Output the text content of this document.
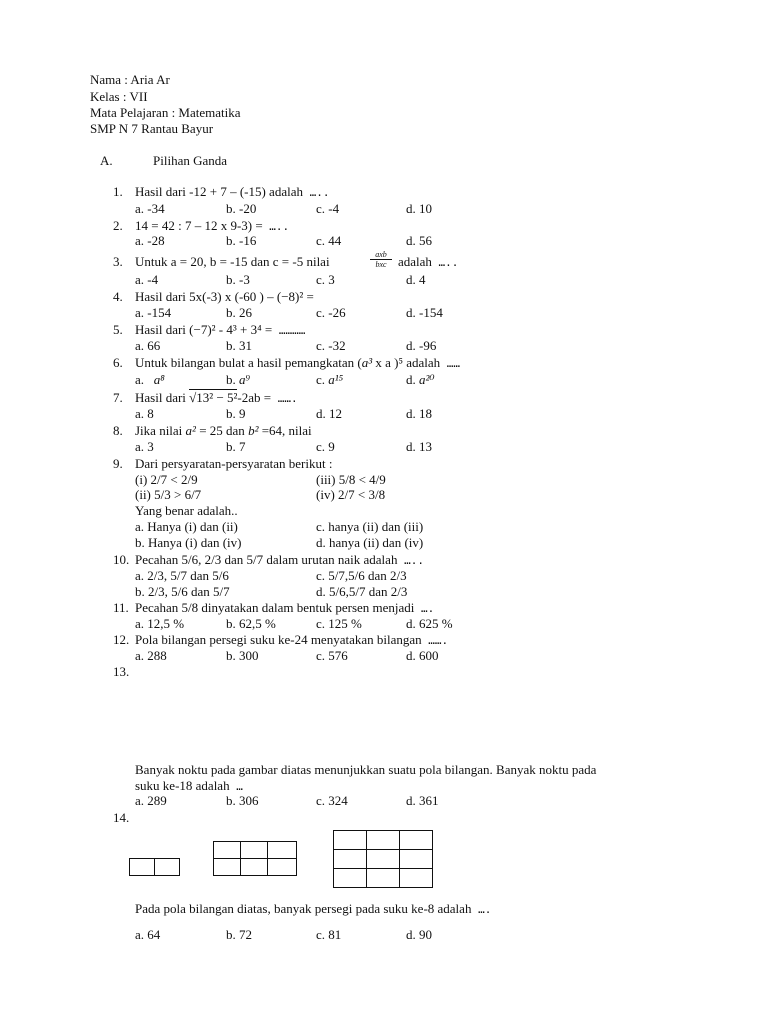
Nama : Aria Ar
Kelas : VII
Mata Pelajaran : Matematika
SMP N 7 Rantau Bayur
A.	Pilihan Ganda
1. Hasil dari -12 + 7 – (-15) adalah …..
a. -34	b. -20	c. -4	d. 10
2. 14 = 42 : 7 – 12 x 9-3) = …..
a. -28	b. -16	c. 44	d. 56
3. Untuk a = 20, b = -15 dan c = -5 nilai	axb
bxc adalah …..
a. -4	b. -3	c. 3	d. 4
4. Hasil dari 5x(-3) x (-60 ) – (−8)² =
a. -154	b. 26	c. -26	d. -154
5. Hasil dari (−7)² - 4³ + 3⁴ = …………
a. 66	b. 31	c. -32	d. -96
6. Untuk bilangan bulat a hasil pemangkatan (a³ x a )⁵ adalah ……
a. a⁸	b. a⁹	c. a¹⁵	d. a²⁰
7. Hasil dari √13² − 5²-2ab = …….
a. 8	b. 9	d. 12	d. 18
8. Jika nilai a² = 25 dan b² =64, nilai
a. 3	b. 7	c. 9	d. 13
9. Dari persyaratan-persyaratan berikut :
(i) 2/7 < 2/9	(iii) 5/8 < 4/9
(ii) 5/3 > 6/7	(iv) 2/7 < 3/8
Yang benar adalah..
a. Hanya (i) dan (ii)	c. hanya (ii) dan (iii)
b. Hanya (i) dan (iv)	d. hanya (ii) dan (iv)
10. Pecahan 5/6, 2/3 dan 5/7 dalam urutan naik adalah …..
a. 2/3, 5/7 dan 5/6	c. 5/7,5/6 dan 2/3
b. 2/3, 5/6 dan 5/7	d. 5/6,5/7 dan 2/3
11. Pecahan 5/8 dinyatakan dalam bentuk persen menjadi ….
a. 12,5 %	b. 62,5 %	c. 125 %	d. 625 %
12. Pola bilangan persegi suku ke-24 menyatakan bilangan …….
a. 288	b. 300	c. 576	d. 600
13.
Banyak noktu pada gambar diatas menunjukkan suatu pola bilangan. Banyak noktu pada
suku ke-18 adalah …
a. 289	b. 306	c. 324	d. 361
14.

Pada pola bilangan diatas, banyak persegi pada suku ke-8 adalah ….
a. 64	b. 72	c. 81	d. 90
